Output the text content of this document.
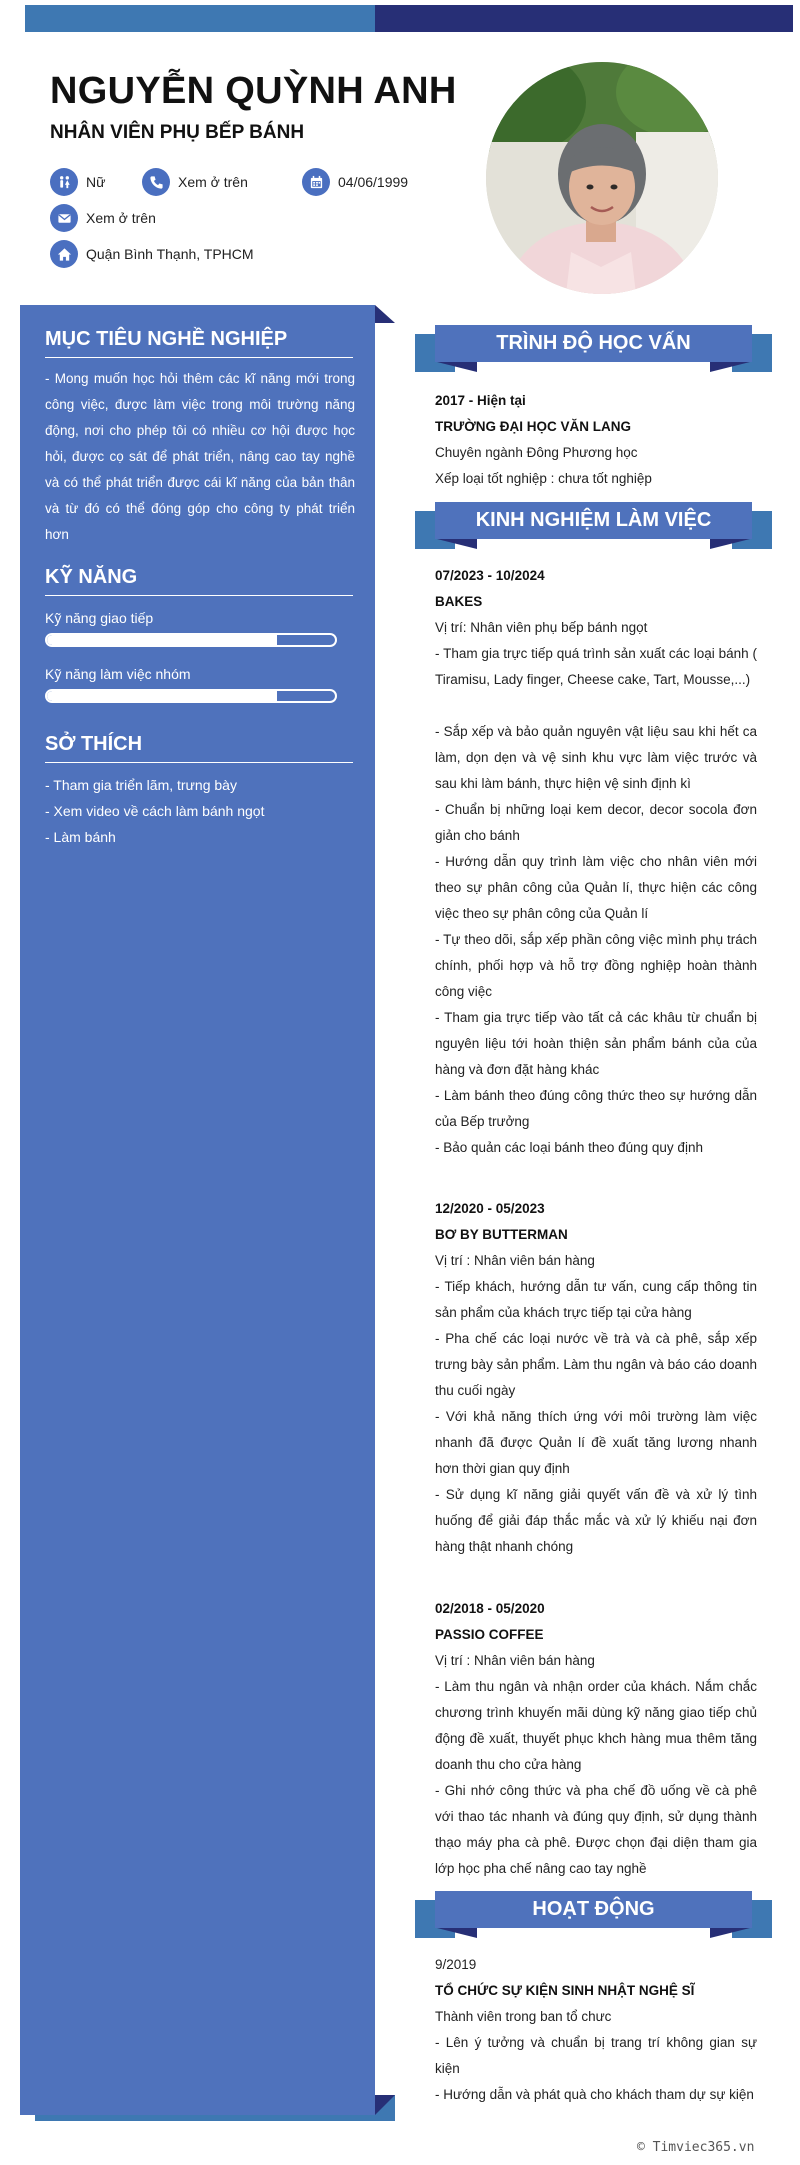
NGUYỄN QUỲNH ANH
NHÂN VIÊN PHỤ BẾP BÁNH
Nữ	Xem ở trên	04/06/1999
Xem ở trên
Quận Bình Thạnh, TPHCM
MỤC TIÊU NGHỀ NGHIỆP
- Mong muốn học hỏi thêm các kĩ năng mới trong công việc, được làm việc trong môi trường năng động, nơi cho phép tôi có nhiều cơ hội được học hỏi, được cọ sát để phát triển, nâng cao tay nghề và có thể phát triển được cái kĩ năng của bản thân và từ đó có thể đóng góp cho công ty phát triển hơn
KỸ NĂNG
Kỹ năng giao tiếp
Kỹ năng làm việc nhóm
SỞ THÍCH
- Tham gia triển lãm, trưng bày
- Xem video về cách làm bánh ngọt
- Làm bánh
TRÌNH ĐỘ HỌC VẤN
2017 - Hiện tại
TRƯỜNG ĐẠI HỌC VĂN LANG
Chuyên ngành Đông Phương học
Xếp loại tốt nghiệp : chưa tốt nghiệp
KINH NGHIỆM LÀM VIỆC
07/2023 - 10/2024
BAKES
Vị trí: Nhân viên phụ bếp bánh ngọt
- Tham gia trực tiếp quá trình sản xuất các loại bánh ( Tiramisu, Lady finger, Cheese cake, Tart, Mousse,...)
- Sắp xếp và bảo quản nguyên vật liệu sau khi hết ca làm, dọn dẹn và vệ sinh khu vực làm việc trước và sau khi làm bánh, thực hiện vệ sinh định kì
- Chuẩn bị những loại kem decor, decor socola đơn giản cho bánh
- Hướng dẫn quy trình làm việc cho nhân viên mới theo sự phân công của Quản lí, thực hiện các công việc theo sự phân công của Quản lí
- Tự theo dõi, sắp xếp phần công việc mình phụ trách chính, phối hợp và hỗ trợ đồng nghiệp hoàn thành công việc
- Tham gia trực tiếp vào tất cả các khâu từ chuẩn bị nguyên liệu tới hoàn thiện sản phẩm bánh của của hàng và đơn đặt hàng khác
- Làm bánh theo đúng công thức theo sự hướng dẫn của Bếp trưởng
- Bảo quản các loại bánh theo đúng quy định
12/2020 - 05/2023
BƠ BY BUTTERMAN
Vị trí : Nhân viên bán hàng
- Tiếp khách, hướng dẫn tư vấn, cung cấp thông tin sản phẩm của khách trực tiếp tại cửa hàng
- Pha chế các loại nước về trà và cà phê, sắp xếp trưng bày sản phẩm. Làm thu ngân và báo cáo doanh thu cuối ngày
- Với khả năng thích ứng với môi trường làm việc nhanh đã được Quản lí đề xuất tăng lương nhanh hơn thời gian quy định
- Sử dụng kĩ năng giải quyết vấn đề và xử lý tình huống để giải đáp thắc mắc và xử lý khiếu nại đơn hàng thật nhanh chóng
02/2018 - 05/2020
PASSIO COFFEE
Vị trí : Nhân viên bán hàng
- Làm thu ngân và nhận order của khách. Nắm chắc chương trình khuyến mãi dùng kỹ năng giao tiếp chủ động đề xuất, thuyết phục khch hàng mua thêm tăng doanh thu cho cửa hàng
- Ghi nhớ công thức và pha chế đồ uống về cà phê với thao tác nhanh và đúng quy định, sử dụng thành thạo máy pha cà phê. Được chọn đại diện tham gia lớp học pha chế nâng cao tay nghề
HOẠT ĐỘNG
9/2019
TỔ CHỨC SỰ KIỆN SINH NHẬT NGHỆ SĨ
Thành viên trong ban tổ chưc
- Lên ý tưởng và chuẩn bị trang trí không gian sự kiện
- Hướng dẫn và phát quà cho khách tham dự sự kiện
© Timviec365.vn
